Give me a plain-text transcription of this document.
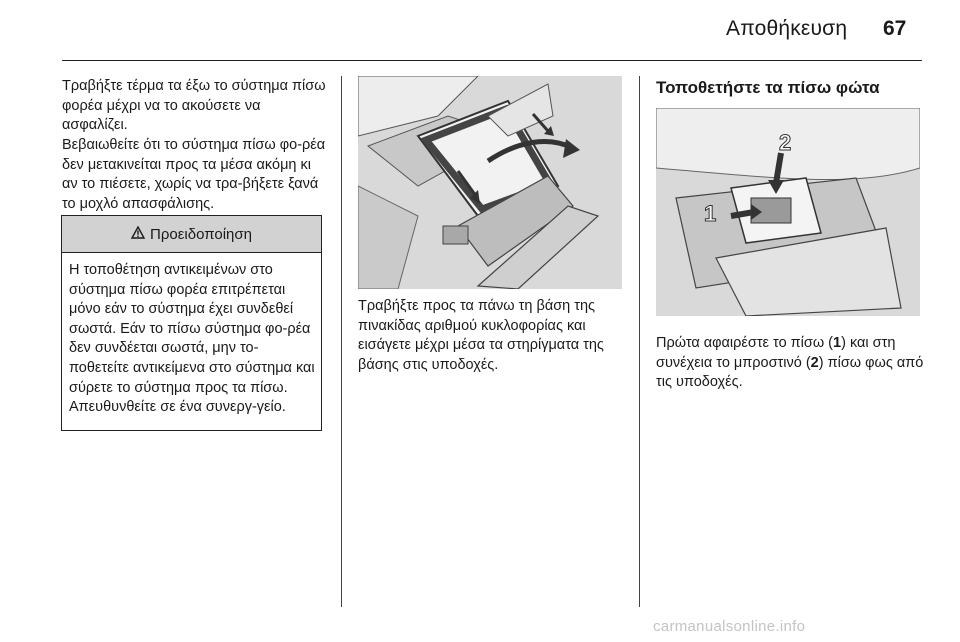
Αποθήκευση 67

Τραβήξτε τέρμα τα έξω το σύστημα πίσω φορέα μέχρι να το ακούσετε να ασφαλίζει.

Βεβαιωθείτε ότι το σύστημα πίσω φο-ρέα δεν μετακινείται προς τα μέσα ακόμη κι αν το πιέσετε, χωρίς να τρα-βήξετε ξανά το μοχλό απασφάλισης.

Προειδοποίηση
Η τοποθέτηση αντικειμένων στο σύστημα πίσω φορέα επιτρέπεται μόνο εάν το σύστημα έχει συνδεθεί σωστά. Εάν το πίσω σύστημα φο-ρέα δεν συνδέεται σωστά, μην το-ποθετείτε αντικείμενα στο σύστημα και σύρετε το σύστημα προς τα πίσω. Απευθυνθείτε σε ένα συνεργ-γείο.

Τραβήξτε προς τα πάνω τη βάση της πινακίδας αριθμού κυκλοφορίας και εισάγετε μέχρι μέσα τα στηρίγματα της βάσης στις υποδοχές.

Τοποθετήστε τα πίσω φώτα
1
2

Πρώτα αφαιρέστε το πίσω (1) και στη συνέχεια το μπροστινό (2) πίσω φως από τις υποδοχές.

carmanualsonline.info
